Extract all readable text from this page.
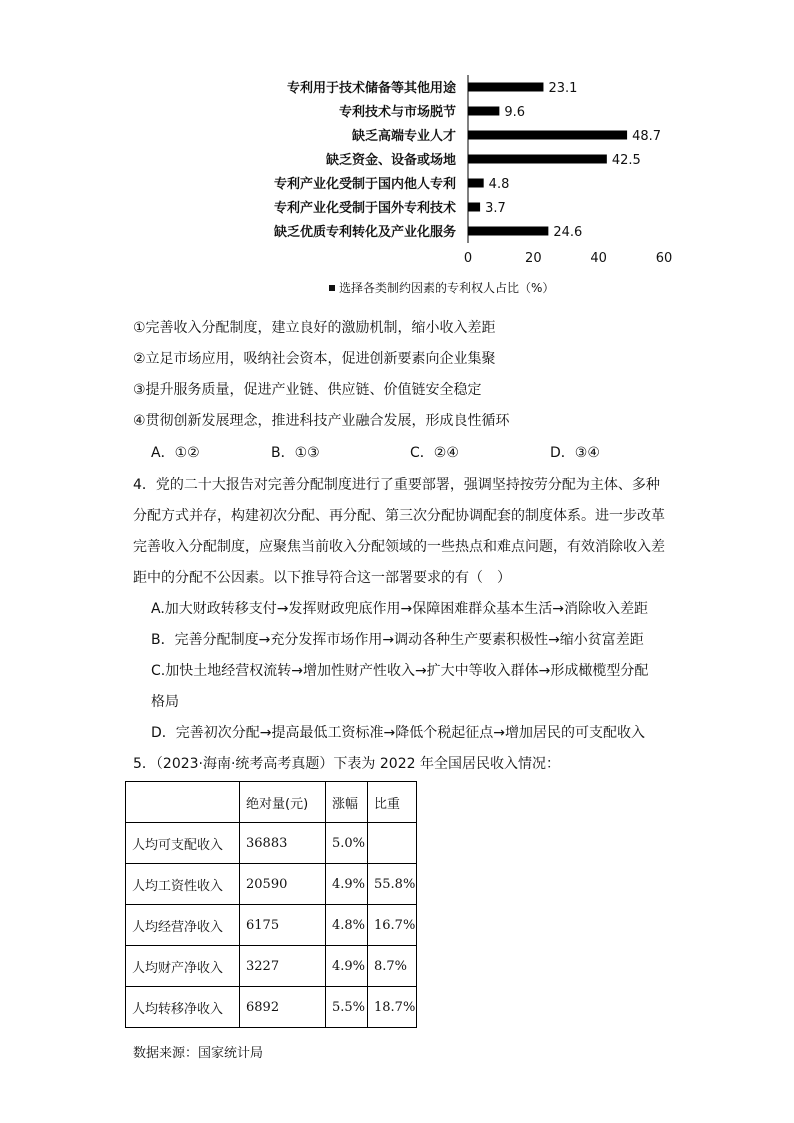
专利用于技术储备等其他用途	23.1
专利技术与市场脱节	9.6
缺乏高端专业人才	48.7
缺乏资金、设备或场地	42.5
专利产业化受制于国内他人专利	4.8
专利产业化受制于国外专利技术 3.7
缺乏优质专利转化及产业化服务	24.6
0	20	40	60
选择各类制约因素的专利权人占比（%）
①完善收入分配制度，建立良好的激励机制，缩小收入差距
②立足市场应用，吸纳社会资本，促进创新要素向企业集聚
③提升服务质量，促进产业链、供应链、价值链安全稳定
④贯彻创新发展理念，推进科技产业融合发展，形成良性循环
A．①②	B．①③	C．②④	D．③④
4．党的二十大报告对完善分配制度进行了重要部署，强调坚持按劳分配为主体、多种
分配方式并存，构建初次分配、再分配、第三次分配协调配套的制度体系。进一步改革
完善收入分配制度，应聚焦当前收入分配领域的一些热点和难点问题，有效消除收入差
距中的分配不公因素。以下推导符合这一部署要求的有（　）
A.加大财政转移支付→发挥财政兜底作用→保障困难群众基本生活→消除收入差距
B．完善分配制度→充分发挥市场作用→调动各种生产要素积极性→缩小贫富差距
C.加快土地经营权流转→增加性财产性收入→扩大中等收入群体→形成橄榄型分配
格局
D．完善初次分配→提高最低工资标准→降低个税起征点→增加居民的可支配收入
5．（2023·海南·统考高考真题）下表为 2022 年全国居民收入情况：
	绝对量(元)	涨幅	比重
人均可支配收入	36883	5.0%	
人均工资性收入	20590	4.9%	55.8%
人均经营净收入	6175	4.8%	16.7%
人均财产净收入	3227	4.9%	8.7%
人均转移净收入	6892	5.5%	18.7%
数据来源：国家统计局
